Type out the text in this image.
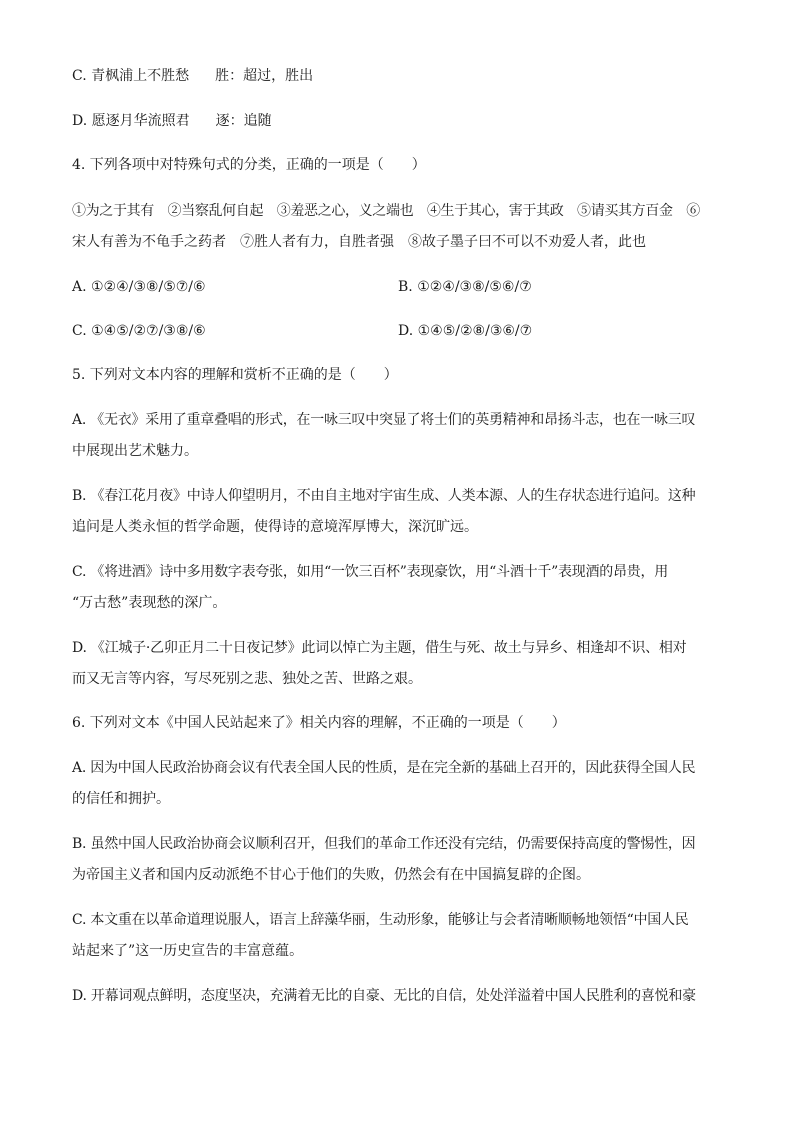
C. 青枫浦上不胜愁 胜：超过，胜出
D. 愿逐月华流照君 逐：追随
4. 下列各项中对特殊句式的分类，正确的一项是（　　）
①为之于其有　②当察乱何自起　③羞恶之心，义之端也　④生于其心，害于其政　⑤请买其方百金　⑥
宋人有善为不龟手之药者　⑦胜人者有力，自胜者强　⑧故子墨子曰不可以不劝爱人者，此也
A. ①②④/③⑧/⑤⑦/⑥	B. ①②④/③⑧/⑤⑥/⑦
C. ①④⑤/②⑦/③⑧/⑥	D. ①④⑤/②⑧/③⑥/⑦
5. 下列对文本内容的理解和赏析不正确的是（　　）
A. 《无衣》采用了重章叠唱的形式，在一咏三叹中突显了将士们的英勇精神和昂扬斗志，也在一咏三叹
中展现出艺术魅力。
B. 《春江花月夜》中诗人仰望明月，不由自主地对宇宙生成、人类本源、人的生存状态进行追问。这种
追问是人类永恒的哲学命题，使得诗的意境浑厚博大，深沉旷远。
C. 《将进酒》诗中多用数字表夸张，如用“一饮三百杯”表现豪饮，用“斗酒十千”表现酒的昂贵，用
“万古愁”表现愁的深广。
D. 《江城子·乙卯正月二十日夜记梦》此词以悼亡为主题，借生与死、故土与异乡、相逢却不识、相对
而又无言等内容，写尽死别之悲、独处之苦、世路之艰。
6. 下列对文本《中国人民站起来了》相关内容的理解，不正确的一项是（　　）
A. 因为中国人民政治协商会议有代表全国人民的性质，是在完全新的基础上召开的，因此获得全国人民
的信任和拥护。
B. 虽然中国人民政治协商会议顺利召开，但我们的革命工作还没有完结，仍需要保持高度的警惕性，因
为帝国主义者和国内反动派绝不甘心于他们的失败，仍然会有在中国搞复辟的企图。
C. 本文重在以革命道理说服人，语言上辞藻华丽，生动形象，能够让与会者清晰顺畅地领悟“中国人民
站起来了”这一历史宣告的丰富意蕴。
D. 开幕词观点鲜明，态度坚决，充满着无比的自豪、无比的自信，处处洋溢着中国人民胜利的喜悦和豪
